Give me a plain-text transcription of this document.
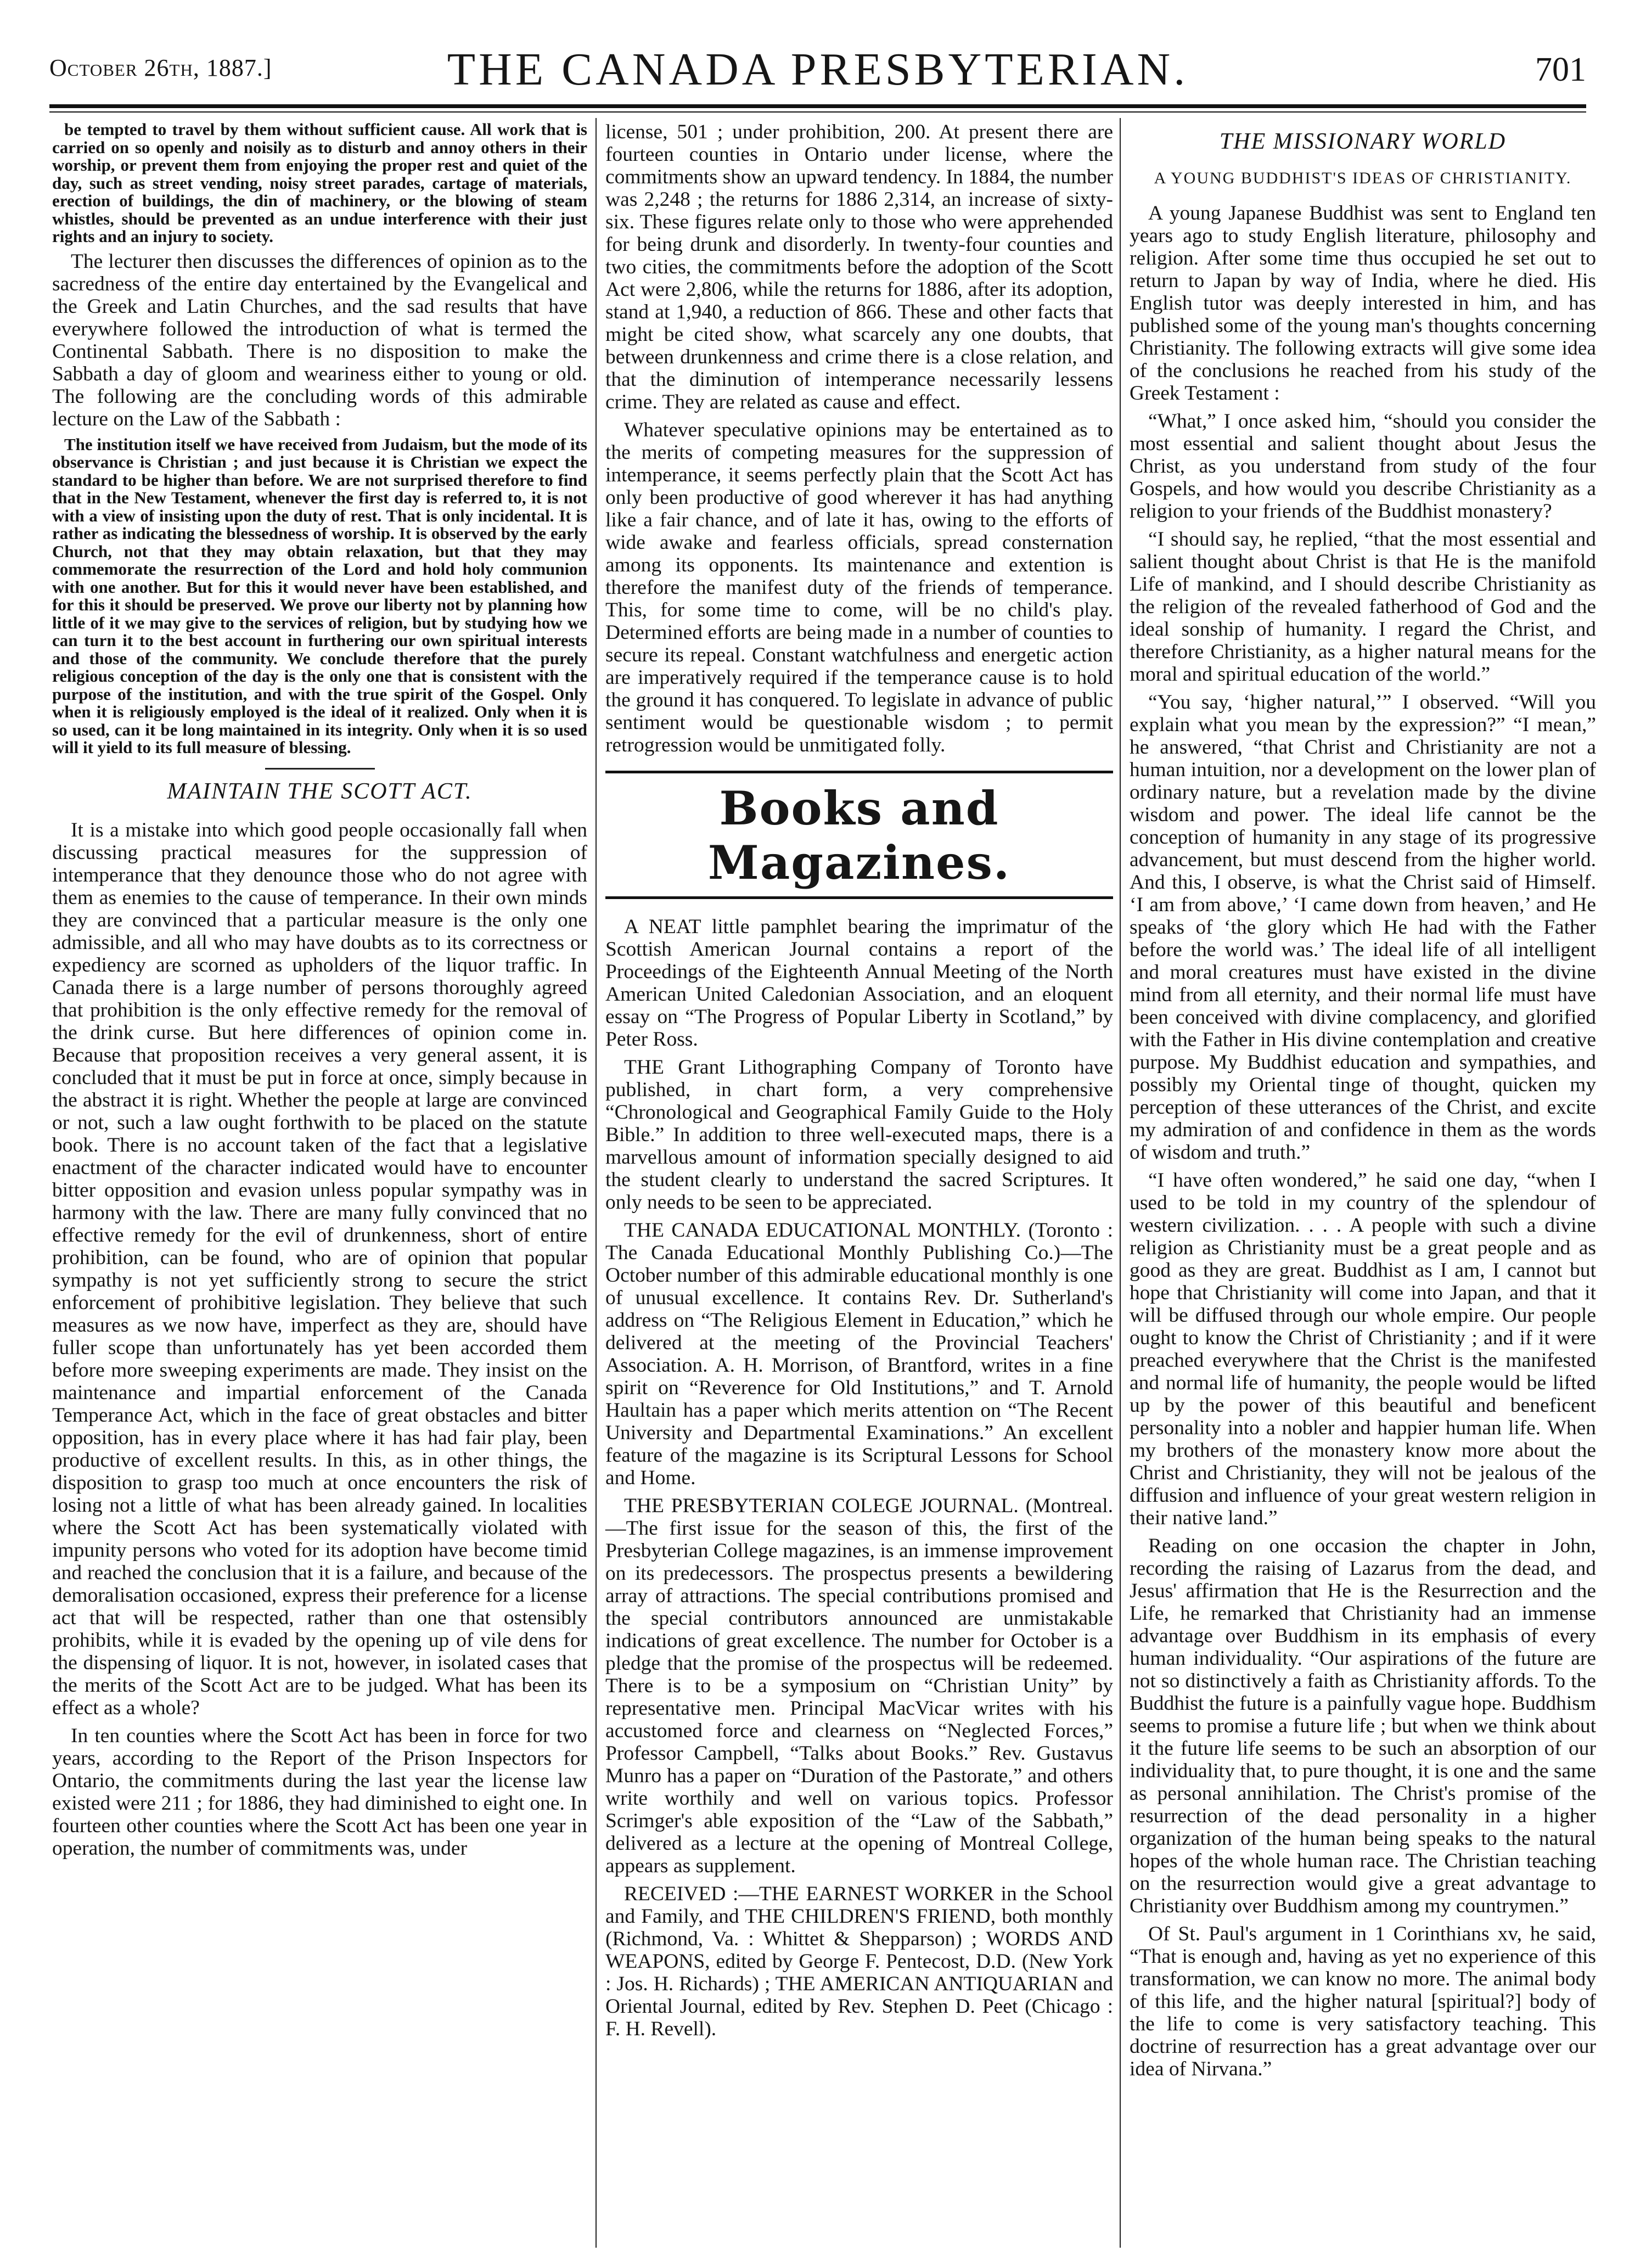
October 26th, 1887.]	THE CANADA PRESBYTERIAN.	701

be tempted to travel by them without sufficient cause. All work that is carried on so openly and noisily as to disturb and annoy others in their worship, or prevent them from enjoying the proper rest and quiet of the day, such as street vending, noisy street parades, cartage of materials, erection of buildings, the din of machinery, or the blowing of steam whistles, should be prevented as an undue interference with their just rights and an injury to society.

The lecturer then discusses the differences of opinion as to the sacredness of the entire day entertained by the Evangelical and the Greek and Latin Churches, and the sad results that have everywhere followed the introduction of what is termed the Continental Sabbath. There is no disposition to make the Sabbath a day of gloom and weariness either to young or old. The following are the concluding words of this admirable lecture on the Law of the Sabbath :

The institution itself we have received from Judaism, but the mode of its observance is Christian ; and just because it is Christian we expect the standard to be higher than before. We are not surprised therefore to find that in the New Testament, whenever the first day is referred to, it is not with a view of insisting upon the duty of rest. That is only incidental. It is rather as indicating the blessedness of worship. It is observed by the early Church, not that they may obtain relaxation, but that they may commemorate the resurrection of the Lord and hold holy communion with one another. But for this it would never have been established, and for this it should be preserved. We prove our liberty not by planning how little of it we may give to the services of religion, but by studying how we can turn it to the best account in furthering our own spiritual interests and those of the community. We conclude therefore that the purely religious conception of the day is the only one that is consistent with the purpose of the institution, and with the true spirit of the Gospel. Only when it is religiously employed is the ideal of it realized. Only when it is so used, can it be long maintained in its integrity. Only when it is so used will it yield to its full measure of blessing.

MAINTAIN THE SCOTT ACT.

It is a mistake into which good people occasionally fall when discussing practical measures for the suppression of intemperance that they denounce those who do not agree with them as enemies to the cause of temperance. In their own minds they are convinced that a particular measure is the only one admissible, and all who may have doubts as to its correctness or expediency are scorned as upholders of the liquor traffic. In Canada there is a large number of persons thoroughly agreed that prohibition is the only effective remedy for the removal of the drink curse. But here differences of opinion come in. Because that proposition receives a very general assent, it is concluded that it must be put in force at once, simply because in the abstract it is right. Whether the people at large are convinced or not, such a law ought forthwith to be placed on the statute book. There is no account taken of the fact that a legislative enactment of the character indicated would have to encounter bitter opposition and evasion unless popular sympathy was in harmony with the law. There are many fully convinced that no effective remedy for the evil of drunkenness, short of entire prohibition, can be found, who are of opinion that popular sympathy is not yet sufficiently strong to secure the strict enforcement of prohibitive legislation. They believe that such measures as we now have, imperfect as they are, should have fuller scope than unfortunately has yet been accorded them before more sweeping experiments are made. They insist on the maintenance and impartial enforcement of the Canada Temperance Act, which in the face of great obstacles and bitter opposition, has in every place where it has had fair play, been productive of excellent results. In this, as in other things, the disposition to grasp too much at once encounters the risk of losing not a little of what has been already gained. In localities where the Scott Act has been systematically violated with impunity persons who voted for its adoption have become timid and reached the conclusion that it is a failure, and because of the demoralisation occasioned, express their preference for a license act that will be respected, rather than one that ostensibly prohibits, while it is evaded by the opening up of vile dens for the dispensing of liquor. It is not, however, in isolated cases that the merits of the Scott Act are to be judged. What has been its effect as a whole?

In ten counties where the Scott Act has been in force for two years, according to the Report of the Prison Inspectors for Ontario, the commitments during the last year the license law existed were 211 ; for 1886, they had diminished to eight one. In fourteen other counties where the Scott Act has been one year in operation, the number of commitments was, under

license, 501 ; under prohibition, 200. At present there are fourteen counties in Ontario under license, where the commitments show an upward tendency. In 1884, the number was 2,248 ; the returns for 1886 2,314, an increase of sixty-six. These figures relate only to those who were apprehended for being drunk and disorderly. In twenty-four counties and two cities, the commitments before the adoption of the Scott Act were 2,806, while the returns for 1886, after its adoption, stand at 1,940, a reduction of 866. These and other facts that might be cited show, what scarcely any one doubts, that between drunkenness and crime there is a close relation, and that the diminution of intemperance necessarily lessens crime. They are related as cause and effect.

Whatever speculative opinions may be entertained as to the merits of competing measures for the suppression of intemperance, it seems perfectly plain that the Scott Act has only been productive of good wherever it has had anything like a fair chance, and of late it has, owing to the efforts of wide awake and fearless officials, spread consternation among its opponents. Its maintenance and extention is therefore the manifest duty of the friends of temperance. This, for some time to come, will be no child's play. Determined efforts are being made in a number of counties to secure its repeal. Constant watchfulness and energetic action are imperatively required if the temperance cause is to hold the ground it has conquered. To legislate in advance of public sentiment would be questionable wisdom ; to permit retrogression would be unmitigated folly.

Books and Magazines.

A NEAT little pamphlet bearing the imprimatur of the Scottish American Journal contains a report of the Proceedings of the Eighteenth Annual Meeting of the North American United Caledonian Association, and an eloquent essay on “The Progress of Popular Liberty in Scotland,” by Peter Ross.

THE Grant Lithographing Company of Toronto have published, in chart form, a very comprehensive “Chronological and Geographical Family Guide to the Holy Bible.” In addition to three well-executed maps, there is a marvellous amount of information specially designed to aid the student clearly to understand the sacred Scriptures. It only needs to be seen to be appreciated.

THE CANADA EDUCATIONAL MONTHLY. (Toronto : The Canada Educational Monthly Publishing Co.)—The October number of this admirable educational monthly is one of unusual excellence. It contains Rev. Dr. Sutherland's address on “The Religious Element in Education,” which he delivered at the meeting of the Provincial Teachers' Association. A. H. Morrison, of Brantford, writes in a fine spirit on “Reverence for Old Institutions,” and T. Arnold Haultain has a paper which merits attention on “The Recent University and Departmental Examinations.” An excellent feature of the magazine is its Scriptural Lessons for School and Home.

THE PRESBYTERIAN COLEGE JOURNAL. (Montreal.—The first issue for the season of this, the first of the Presbyterian College magazines, is an immense improvement on its predecessors. The prospectus presents a bewildering array of attractions. The special contributions promised and the special contributors announced are unmistakable indications of great excellence. The number for October is a pledge that the promise of the prospectus will be redeemed. There is to be a symposium on “Christian Unity” by representative men. Principal MacVicar writes with his accustomed force and clearness on “Neglected Forces,” Professor Campbell, “Talks about Books.” Rev. Gustavus Munro has a paper on “Duration of the Pastorate,” and others write worthily and well on various topics. Professor Scrimger's able exposition of the “Law of the Sabbath,” delivered as a lecture at the opening of Montreal College, appears as supplement.

RECEIVED :—THE EARNEST WORKER in the School and Family, and THE CHILDREN'S FRIEND, both monthly (Richmond, Va. : Whittet & Shepparson) ; WORDS AND WEAPONS, edited by George F. Pentecost, D.D. (New York : Jos. H. Richards) ; THE AMERICAN ANTIQUARIAN and Oriental Journal, edited by Rev. Stephen D. Peet (Chicago : F. H. Revell).

THE MISSIONARY WORLD
A YOUNG BUDDHIST'S IDEAS OF CHRISTIANITY.

A young Japanese Buddhist was sent to England ten years ago to study English literature, philosophy and religion. After some time thus occupied he set out to return to Japan by way of India, where he died. His English tutor was deeply interested in him, and has published some of the young man's thoughts concerning Christianity. The following extracts will give some idea of the conclusions he reached from his study of the Greek Testament :

“What,” I once asked him, “should you consider the most essential and salient thought about Jesus the Christ, as you understand from study of the four Gospels, and how would you describe Christianity as a religion to your friends of the Buddhist monastery?

“I should say, he replied, “that the most essential and salient thought about Christ is that He is the manifold Life of mankind, and I should describe Christianity as the religion of the revealed fatherhood of God and the ideal sonship of humanity. I regard the Christ, and therefore Christianity, as a higher natural means for the moral and spiritual education of the world.”

“You say, ‘higher natural,’” I observed. “Will you explain what you mean by the expression?” “I mean,” he answered, “that Christ and Christianity are not a human intuition, nor a development on the lower plan of ordinary nature, but a revelation made by the divine wisdom and power. The ideal life cannot be the conception of humanity in any stage of its progressive advancement, but must descend from the higher world. And this, I observe, is what the Christ said of Himself. ‘I am from above,’ ‘I came down from heaven,’ and He speaks of ‘the glory which He had with the Father before the world was.’ The ideal life of all intelligent and moral creatures must have existed in the divine mind from all eternity, and their normal life must have been conceived with divine complacency, and glorified with the Father in His divine contemplation and creative purpose. My Buddhist education and sympathies, and possibly my Oriental tinge of thought, quicken my perception of these utterances of the Christ, and excite my admiration of and confidence in them as the words of wisdom and truth.”

“I have often wondered,” he said one day, “when I used to be told in my country of the splendour of western civilization. . . . A people with such a divine religion as Christianity must be a great people and as good as they are great. Buddhist as I am, I cannot but hope that Christianity will come into Japan, and that it will be diffused through our whole empire. Our people ought to know the Christ of Christianity ; and if it were preached everywhere that the Christ is the manifested and normal life of humanity, the people would be lifted up by the power of this beautiful and beneficent personality into a nobler and happier human life. When my brothers of the monastery know more about the Christ and Christianity, they will not be jealous of the diffusion and influence of your great western religion in their native land.”

Reading on one occasion the chapter in John, recording the raising of Lazarus from the dead, and Jesus' affirmation that He is the Resurrection and the Life, he remarked that Christianity had an immense advantage over Buddhism in its emphasis of every human individuality. “Our aspirations of the future are not so distinctively a faith as Christianity affords. To the Buddhist the future is a painfully vague hope. Buddhism seems to promise a future life ; but when we think about it the future life seems to be such an absorption of our individuality that, to pure thought, it is one and the same as personal annihilation. The Christ's promise of the resurrection of the dead personality in a higher organization of the human being speaks to the natural hopes of the whole human race. The Christian teaching on the resurrection would give a great advantage to Christianity over Buddhism among my countrymen.”

Of St. Paul's argument in 1 Corinthians xv, he said, “That is enough and, having as yet no experience of this transformation, we can know no more. The animal body of this life, and the higher natural [spiritual?] body of the life to come is very satisfactory teaching. This doctrine of resurrection has a great advantage over our idea of Nirvana.”
